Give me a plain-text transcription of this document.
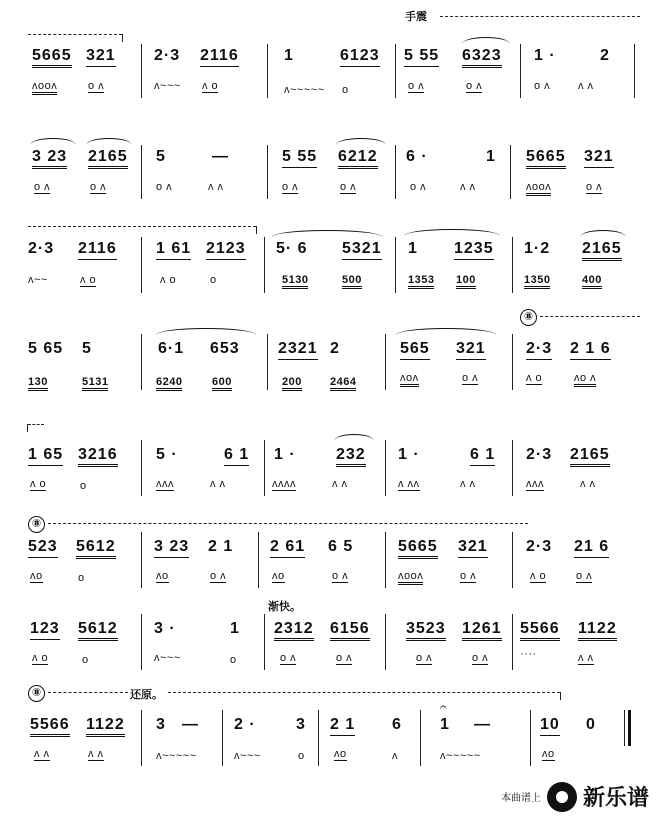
手震
5665 321 2·3 2116	1	6123 5 55 6323 1 ·	2
ʌooʌ	o ʌ	ʌ~~~ ʌ o	ʌ~~~~~ o	o ʌ	o ʌ	o ʌ	ʌ ʌ
3 23 2165 5	—	5 55 6212 6 ·	1 5665 321
o ʌ	o ʌ	o ʌ	ʌ ʌ	o ʌ	o ʌ	o ʌ	ʌ ʌ	ʌooʌ	o ʌ
2·3 2116 1 61 2123 5· 6 5321 1 1235 1·2 2165
ʌ~~	ʌ o	ʌ o	o	5130	500	1353 100	1350	400
⑧
5 65 5	6·1 653 2321 2	565 321	2·3 2 1 6
130	5131	6240	600	200	2464	ʌoʌ	o ʌ	ʌ o	ʌo ʌ
1 65 3216 5 ·	6 1 1 ·	232 1 ·	6 1 2·3 2165
ʌ o	o	ʌʌʌ	ʌ ʌ	ʌʌʌʌ	ʌ ʌ	ʌ ʌʌ	ʌ ʌ	ʌʌʌ	ʌ ʌ
⑧
523 5612 3 23 2 1 2 61 6 5	5665 321 2·3 21 6
ʌo	o	ʌo	o ʌ	ʌo	o ʌ	ʌooʌ	o ʌ	ʌ o	o ʌ
渐快。
123 5612 3 ·	1 2312 6156 3523 1261 5566 1122
ʌ o	o	ʌ~~~	o	o ʌ	o ʌ	o ʌ	o ʌ	····	ʌ ʌ
⑧	还原。
5566 1122 3 — 2 ·	3 2 1 6
𝄐
1 —	10 0
ʌ ʌ	ʌ ʌ	ʌ~~~~~	ʌ~~~	o	ʌo	ʌ	ʌ~~~~~	ʌo
本曲谱上 新乐谱
